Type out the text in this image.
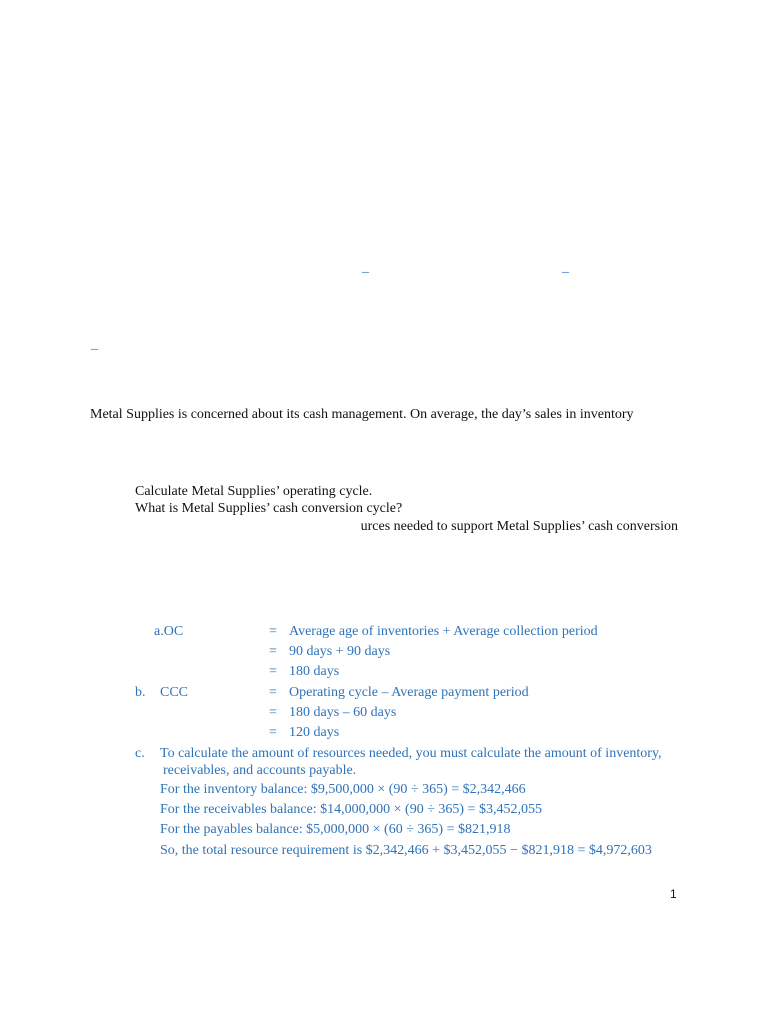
_	_
_
Metal Supplies is concerned about its cash management. On average, the day’s sales in inventory
Calculate Metal Supplies’ operating cycle.
What is Metal Supplies’ cash conversion cycle?
urces needed to support Metal Supplies’ cash conversion
a.OC	= Average age of inventories + Average collection period
= 90 days + 90 days
= 180 days
b. CCC	= Operating cycle – Average payment period
= 180 days – 60 days
= 120 days
c. To calculate the amount of resources needed, you must calculate the amount of inventory,
receivables, and accounts payable.
For the inventory balance: $9,500,000 × (90 ÷ 365) = $2,342,466
For the receivables balance: $14,000,000 × (90 ÷ 365) = $3,452,055
For the payables balance: $5,000,000 × (60 ÷ 365) = $821,918
So, the total resource requirement is $2,342,466 + $3,452,055 − $821,918 = $4,972,603
1
